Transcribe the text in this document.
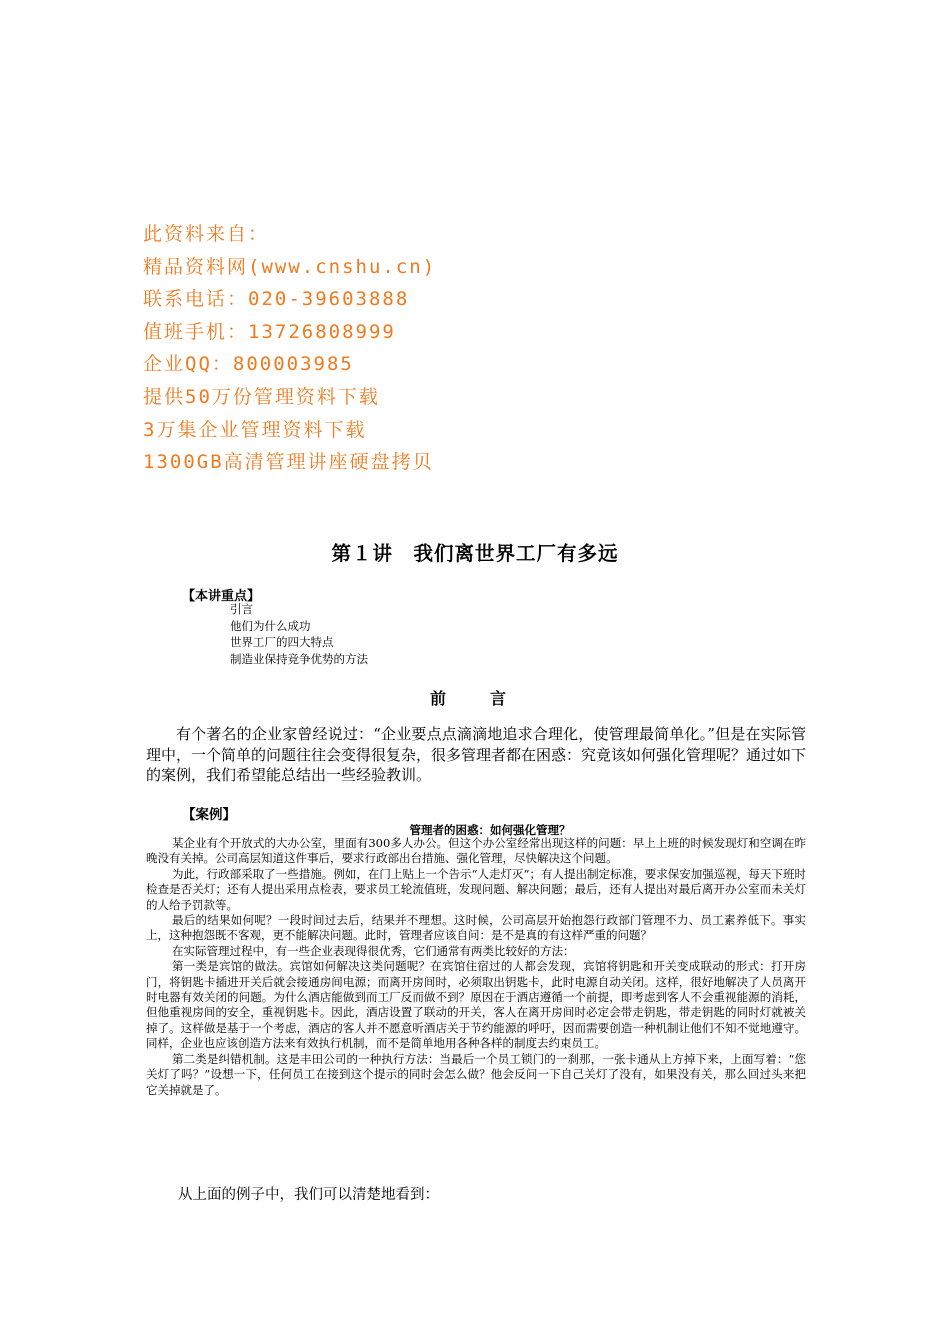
此资料来自：
精品资料网(www.cnshu.cn)
联系电话：020-39603888
值班手机：13726808999
企业QQ：800003985
提供50万份管理资料下载
3万集企业管理资料下载
1300GB高清管理讲座硬盘拷贝
第１讲　我们离世界工厂有多远
【本讲重点】
引言
他们为什么成功
世界工厂的四大特点
制造业保持竞争优势的方法
前　言
有个著名的企业家曾经说过：“企业要点点滴滴地追求合理化，使管理最简单化。”但是在实际管理中，一个简单的问题往往会变得很复杂，很多管理者都在困惑：究竟该如何强化管理呢？通过如下的案例，我们希望能总结出一些经验教训。
【案例】
管理者的困惑：如何强化管理？

某企业有个开放式的大办公室，里面有300多人办公。但这个办公室经常出现这样的问题：早上上班的时候发现灯和空调在昨晚没有关掉。公司高层知道这件事后，要求行政部出台措施、强化管理，尽快解决这个问题。

为此，行政部采取了一些措施。例如，在门上贴上一个告示“人走灯灭”；有人提出制定标准，要求保安加强巡视，每天下班时检查是否关灯；还有人提出采用点检表，要求员工轮流值班，发现问题、解决问题；最后，还有人提出对最后离开办公室而未关灯的人给予罚款等。

最后的结果如何呢？一段时间过去后，结果并不理想。这时候，公司高层开始抱怨行政部门管理不力、员工素养低下。事实上，这种抱怨既不客观，更不能解决问题。此时，管理者应该自问：是不是真的有这样严重的问题？

在实际管理过程中，有一些企业表现得很优秀，它们通常有两类比较好的方法：

第一类是宾馆的做法。宾馆如何解决这类问题呢？在宾馆住宿过的人都会发现，宾馆将钥匙和开关变成联动的形式：打开房门，将钥匙卡插进开关后就会接通房间电源；而离开房间时，必须取出钥匙卡，此时电源自动关闭。这样，很好地解决了人员离开时电器有效关闭的问题。为什么酒店能做到而工厂反而做不到？原因在于酒店遵循一个前提，即考虑到客人不会重视能源的消耗，但他重视房间的安全，重视钥匙卡。因此，酒店设置了联动的开关，客人在离开房间时必定会带走钥匙，带走钥匙的同时灯就被关掉了。这样做是基于一个考虑，酒店的客人并不愿意听酒店关于节约能源的呼吁，因而需要创造一种机制让他们不知不觉地遵守。同样，企业也应该创造方法来有效执行机制，而不是简单地用各种各样的制度去约束员工。

第二类是纠错机制。这是丰田公司的一种执行方法：当最后一个员工锁门的一刹那，一张卡通从上方掉下来，上面写着：“您关灯了吗？”设想一下，任何员工在接到这个提示的同时会怎么做？他会反问一下自己关灯了没有，如果没有关，那么回过头来把它关掉就是了。

从上面的例子中，我们可以清楚地看到：
